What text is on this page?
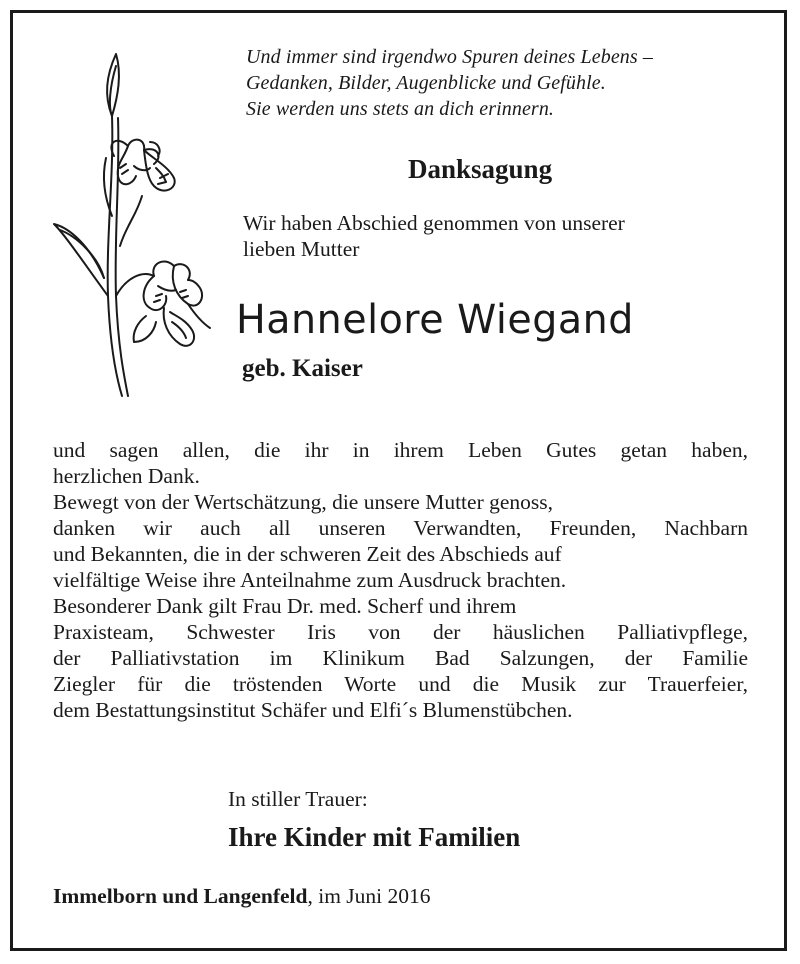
Und immer sind irgendwo Spuren deines Lebens –
Gedanken, Bilder, Augenblicke und Gefühle.
Sie werden uns stets an dich erinnern.
Danksagung
Wir haben Abschied genommen von unserer
lieben Mutter
Hannelore Wiegand
geb. Kaiser
und sagen allen, die ihr in ihrem Leben Gutes getan haben,
herzlichen Dank.
Bewegt von der Wertschätzung, die unsere Mutter genoss,
danken wir auch all unseren Verwandten, Freunden, Nachbarn
und Bekannten, die in der schweren Zeit des Abschieds auf
vielfältige Weise ihre Anteilnahme zum Ausdruck brachten.
Besonderer Dank gilt Frau Dr. med. Scherf und ihrem
Praxisteam, Schwester Iris von der häuslichen Palliativpflege,
der Palliativstation im Klinikum Bad Salzungen, der Familie
Ziegler für die tröstenden Worte und die Musik zur Trauerfeier,
dem Bestattungsinstitut Schäfer und Elfi´s Blumenstübchen.
In stiller Trauer:
Ihre Kinder mit Familien
Immelborn und Langenfeld, im Juni 2016
